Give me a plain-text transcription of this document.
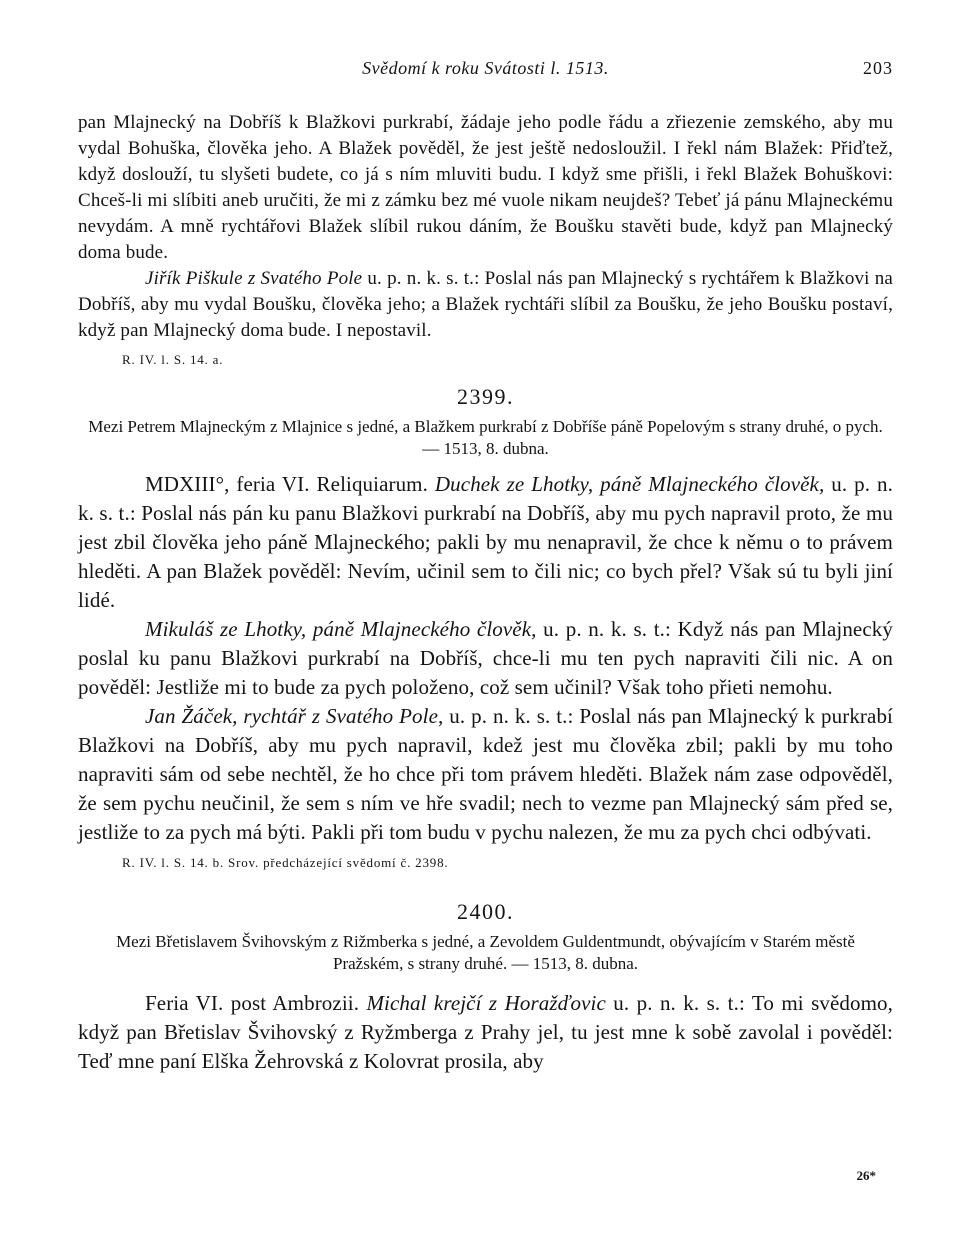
Svědomí k roku Svátosti l. 1513.	203

pan Mlajnecký na Dobříš k Blažkovi purkrabí, žádaje jeho podle řádu a zřiezenie zemského, aby mu vydal Bohuška, člověka jeho. A Blažek pověděl, že jest ještě nedosloužil. I řekl nám Blažek: Přiďtež, když doslouží, tu slyšeti budete, co já s ním mluviti budu. I když sme přišli, i řekl Blažek Bohuškovi: Chceš-li mi slíbiti aneb uručiti, že mi z zámku bez mé vuole nikam neujdeš? Tebeť já pánu Mlajneckému nevydám. A mně rychtářovi Blažek slíbil rukou dáním, že Boušku stavěti bude, když pan Mlajnecký doma bude.

Jiřík Piškule z Svatého Pole u. p. n. k. s. t.: Poslal nás pan Mlajnecký s rychtářem k Blažkovi na Dobříš, aby mu vydal Boušku, člověka jeho; a Blažek rychtáři slíbil za Boušku, že jeho Boušku postaví, když pan Mlajnecký doma bude. I nepostavil.

R. IV. l. S. 14. a.
2399.
Mezi Petrem Mlajneckým z Mlajnice s jedné, a Blažkem purkrabí z Dobříše páně Popelovým s strany druhé, o pych. — 1513, 8. dubna.

MDXIII°, feria VI. Reliquiarum. Duchek ze Lhotky, páně Mlajneckého člověk, u. p. n. k. s. t.: Poslal nás pán ku panu Blažkovi purkrabí na Dobříš, aby mu pych napravil proto, že mu jest zbil člověka jeho páně Mlajneckého; pakli by mu nenapravil, že chce k němu o to právem hleděti. A pan Blažek pověděl: Nevím, učinil sem to čili nic; co bych přel? Však sú tu byli jiní lidé.

Mikuláš ze Lhotky, páně Mlajneckého člověk, u. p. n. k. s. t.: Když nás pan Mlajnecký poslal ku panu Blažkovi purkrabí na Dobříš, chce-li mu ten pych napraviti čili nic. A on pověděl: Jestliže mi to bude za pych položeno, což sem učinil? Však toho přieti nemohu.

Jan Žáček, rychtář z Svatého Pole, u. p. n. k. s. t.: Poslal nás pan Mlajnecký k purkrabí Blažkovi na Dobříš, aby mu pych napravil, kdež jest mu člověka zbil; pakli by mu toho napraviti sám od sebe nechtěl, že ho chce při tom právem hleděti. Blažek nám zase odpověděl, že sem pychu neučinil, že sem s ním ve hře svadil; nech to vezme pan Mlajnecký sám před se, jestliže to za pych má býti. Pakli při tom budu v pychu nalezen, že mu za pych chci odbývati.

R. IV. l. S. 14. b. Srov. předcházející svědomí č. 2398.
2400.
Mezi Břetislavem Švihovským z Rižmberka s jedné, a Zevoldem Guldentmundt, obývajícím v Starém městě Pražském, s strany druhé. — 1513, 8. dubna.

Feria VI. post Ambrozii. Michal krejčí z Horažďovic u. p. n. k. s. t.: To mi svědomo, když pan Břetislav Švihovský z Ryžmberga z Prahy jel, tu jest mne k sobě zavolal i pověděl: Teď mne paní Elška Žehrovská z Kolovrat prosila, aby

26*
